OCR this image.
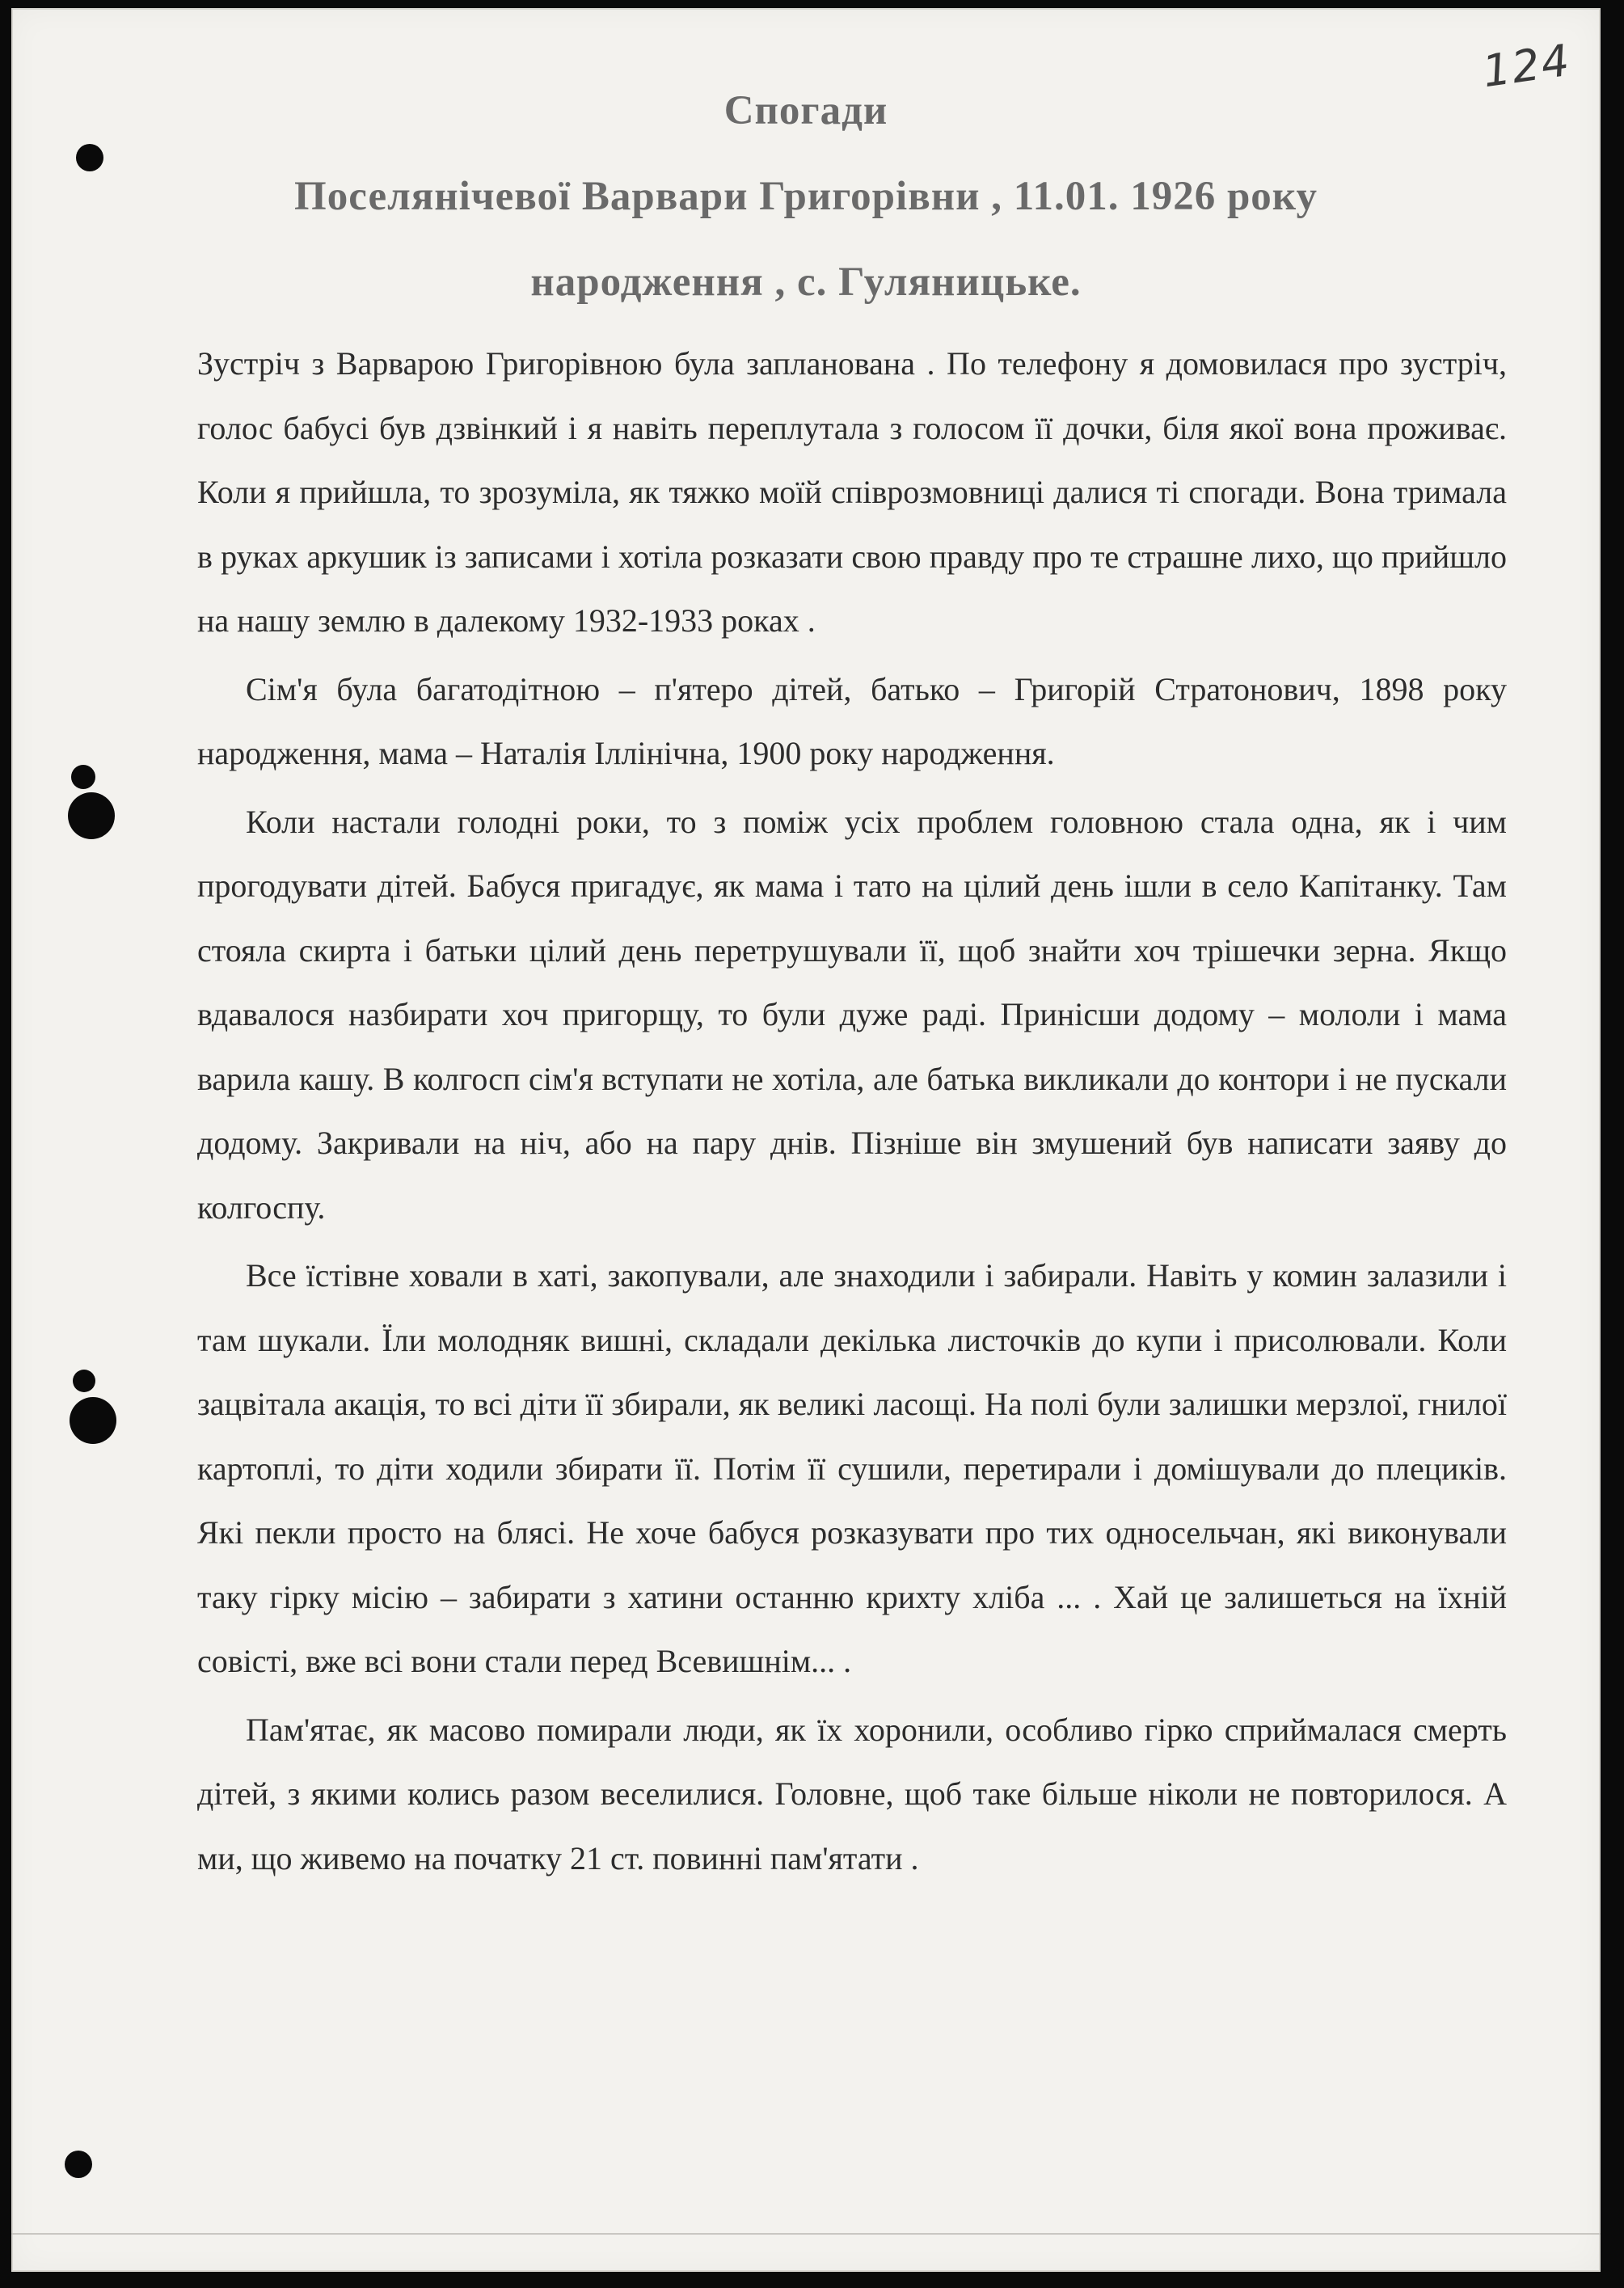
124
Спогади
Поселянічевої Варвари Григорівни , 11.01. 1926 року
народження , с. Гуляницьке.

Зустріч з Варварою Григорівною була запланована . По телефону я домовилася про зустріч, голос бабусі був дзвінкий і я навіть переплутала з голосом її дочки, біля якої вона проживає. Коли я прийшла, то зрозуміла, як тяжко моїй співрозмовниці далися ті спогади. Вона тримала в руках аркушик із записами і хотіла розказати свою правду про те страшне лихо, що прийшло на нашу землю в далекому 1932-1933 роках .

Сім'я була багатодітною – п'ятеро дітей, батько – Григорій Стратонович, 1898 року народження, мама – Наталія Іллінічна, 1900 року народження.

Коли настали голодні роки, то з поміж усіх проблем головною стала одна, як і чим прогодувати дітей. Бабуся пригадує, як мама і тато на цілий день ішли в село Капітанку. Там стояла скирта і батьки цілий день перетрушували її, щоб знайти хоч трішечки зерна. Якщо вдавалося назбирати хоч пригорщу, то були дуже раді. Принісши додому – мололи і мама варила кашу. В колгосп сім'я вступати не хотіла, але батька викликали до контори і не пускали додому. Закривали на ніч, або на пару днів. Пізніше він змушений був написати заяву до колгоспу.

Все їстівне ховали в хаті, закопували, але знаходили і забирали. Навіть у комин залазили і там шукали. Їли молодняк вишні, складали декілька листочків до купи і присолювали. Коли зацвітала акація, то всі діти її збирали, як великі ласощі. На полі були залишки мерзлої, гнилої картоплі, то діти ходили збирати її. Потім її сушили, перетирали і домішували до плециків. Які пекли просто на блясі. Не хоче бабуся розказувати про тих односельчан, які виконували таку гірку місію – забирати з хатини останню крихту хліба ... . Хай це залишеться на їхній совісті, вже всі вони стали перед Всевишнім... .

Пам'ятає, як масово помирали люди, як їх хоронили, особливо гірко сприймалася смерть дітей, з якими колись разом веселилися. Головне, щоб таке більше ніколи не повторилося. А ми, що живемо на початку 21 ст. повинні пам'ятати .
